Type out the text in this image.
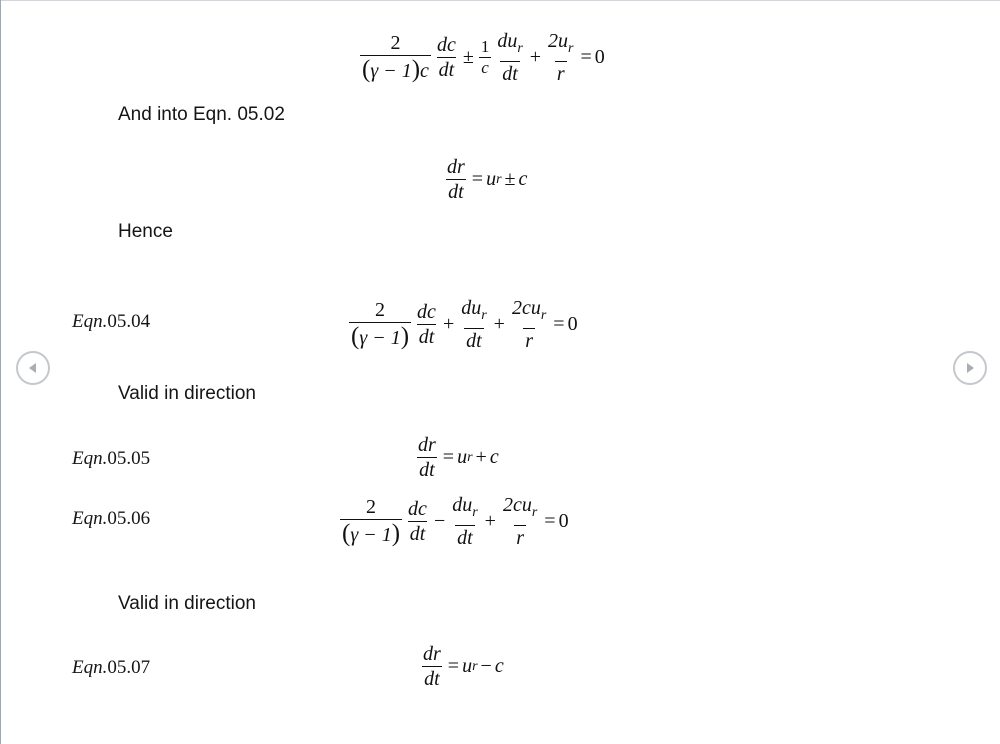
$\frac{2}{(\gamma - 1)c} \frac{dc}{dt} \pm \frac{1}{c} \frac{du_r}{dt} + \frac{2u_r}{r} = 0$
And into Eqn. 05.02
$\frac{dr}{dt} = u$ r ± c
Hence
Eqn.05.04	$\frac{2}{(\gamma - 1)} \frac{dc}{dt} + \frac{du_r}{dt} + \frac{2cu_r}{r} = 0$
Valid in direction
Eqn.05.05	$\frac{dr}{dt} = u$ r + c
Eqn.05.06	$\frac{2}{(\gamma - 1)} \frac{dc}{dt} - \frac{du_r}{dt} + \frac{2cu_r}{r} = 0$
Valid in direction
Eqn.05.07	$\frac{dr}{dt} = u$ r − c
